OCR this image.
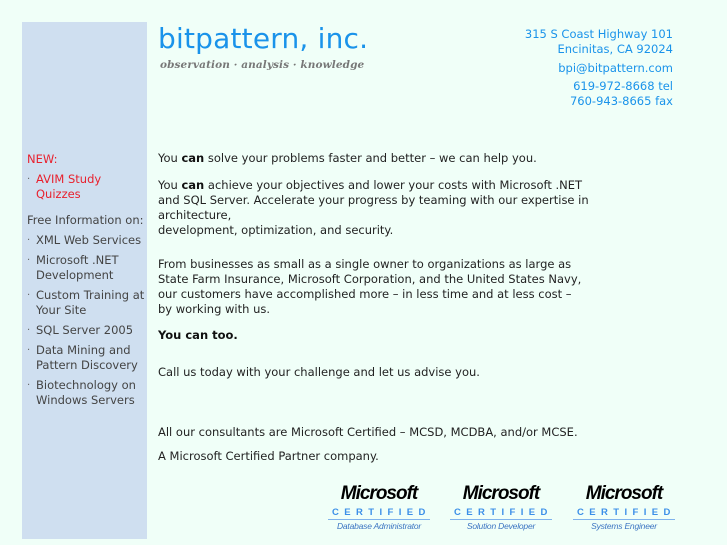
bitpattern, inc.
observation · analysis · knowledge
315 S Coast Highway 101
Encinitas, CA 92024
bpi@bitpattern.com
619-972-8668 tel
760-943-8665 fax
NEW:
· AVIM Study Quizzes
Free Information on:
· XML Web Services
· Microsoft .NET Development
· Custom Training at Your Site
· SQL Server 2005
· Data Mining and Pattern Discovery
· Biotechnology on Windows Servers

You can solve your problems faster and better – we can help you.

You can achieve your objectives and lower your costs with Microsoft .NET
and SQL Server. Accelerate your progress by teaming with our expertise in architecture,
development, optimization, and security.

From businesses as small as a single owner to organizations as large as
State Farm Insurance, Microsoft Corporation, and the United States Navy,
our customers have accomplished more – in less time and at less cost –
by working with us.

You can too.

Call us today with your challenge and let us advise you.

All our consultants are Microsoft Certified – MCSD, MCDBA, and/or MCSE.
A Microsoft Certified Partner company.
Microsoft
CERTIFIED
Database Administrator
Microsoft
CERTIFIED
Solution Developer
Microsoft
CERTIFIED
Systems Engineer
